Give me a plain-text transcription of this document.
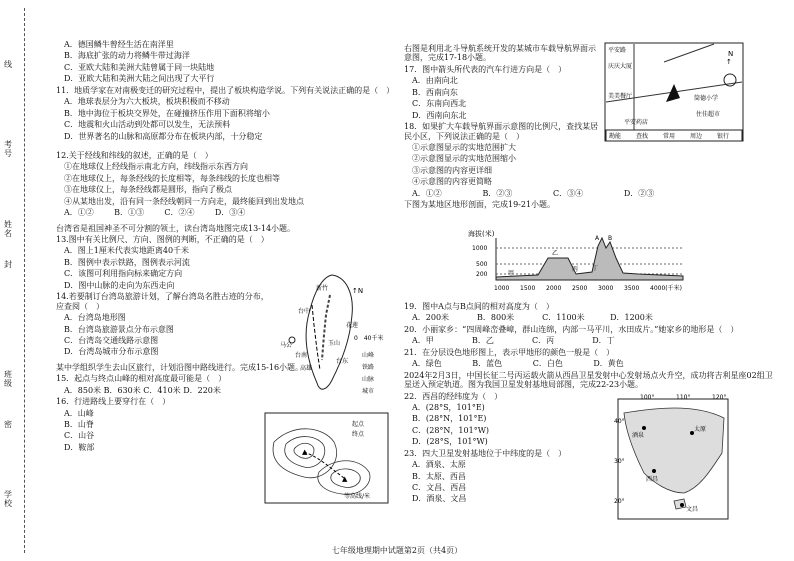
线
考号
姓名
封
班级
密
学校

A．德国鳞牛曾经生活在南洋里

B．海底扩张的动力将鳞牛带过海洋

C．亚欧大陆和美洲大陆曾属于同一块陆地

D．亚欧大陆和美洲大陆之间出现了大平行

11．地质学家在对南极变迁的研究过程中，提出了板块构造学说。下列有关说法正确的是（　）

A．地球表层分为六大板块，板块积极而不移动

B．地中海位于板块交界处，在碰撞挤压作用下面积将缩小

C．地震和火山活动到处都可以发生，无法预料

D．世界著名的山脉和高原都分布在板块内部，十分稳定

12.关于经线和纬线的叙述，正确的是（　）

①在地球仪上经线指示南北方向，纬线指示东西方向

②在地球仪上，每条经线的长度相等，每条纬线的长度也相等

③在地球仪上，每条经线都是圆形，指向了极点

④从某地出发，沿有同一条经线朝同一方向走，最终能回到出发地点

A．①②	B．①③	C．②④	D．③④

台湾省是祖国神圣不可分割的领土，读台湾岛地图完成13-14小题。

13.图中有关比例尺、方向、图例的判断，不正确的是（　）

A．图上1厘米代表实地距离40千米

B．图例中表示铁路，图例表示河流

C．该图可利用指向标来确定方向

D．图中山脉的走向为东西走向

14.若要制订台湾岛旅游计划，了解台湾岛名胜古迹的分布，应查阅（　）

A．台湾岛地形图

B．台湾岛旅游景点分布示意图

C．台湾岛交通线路示意图

D．台湾岛城市分布示意图

某中学组织学生去山区旅行，计划沿图中路线进行。完成15-16小题。

15．起点与终点山峰的相对高度最可能是（　）

A．850米 B．630米 C．410米 D．220米

16．行进路线上要穿行在（　）

A．山峰

B．山脊

C．山谷

D．鞍部

新竹
台中
马公
台南
高雄
花莲
台东
玉山
↑N
0　40千米
山峰
铁路
山脉
城市
▲
▲
起点
终点
等高线/米

右图是利用北斗导航系统开发的某城市车载导航界面示意图，完成17-18小题。

17．图中箭头所代表的汽车行进方向是（　）

A．由南向北

B．西南向东

C．东南向西北

D．西南向东北

18．如果扩大车载导航界面示意图的比例尺，查找某居民小区，下列说法正确的是（　）

①示意图显示的实地范围扩大

②示意图显示的实地范围缩小

③示意图的内容更详细

④示意图的内容更简略

A．①②	B．②③	C．③④	D．②③

下图为某地区地形剖面，完成19-21小题。

平安路
庆庆大厦
美美餐厅	筒德小学
住佳超市
平安药店
N
↑
勘能 查找 常用 周边 银行
海拔(米)
1000
500
200	甲
乙
丙 丁
A B
1000 1500 2000 2500 3000 3500 4000(千米)

19．图中A点与B点间的相对高度为（　）

A．200米	B．800米	C．1100米	D．1200米

20．小丽家乡：“四周峰峦叠嶂，群山连绵，内部一马平川，水田成片。”她家乡的地形是（　）

A．甲	B．乙	C．丙	D．丁

21．在分层设色地形图上，表示甲地形的颜色一般是（　）

A．绿色	B．蓝色	C．白色	D．黄色

2024年2月3日，中国长征二号丙运载火箭从西昌卫星发射中心发射场点火升空，成功将吉利星座02组卫星送入预定轨道。图为我国卫星发射基地局部图，完成22-23小题。

22．西昌的经纬度为（　）

A．(28°S，101°E)

B．(28°N，101°E)

C．(28°N，101°W)

D．(28°S，101°W)

23．四大卫星发射基地位于中纬度的是（　）

A．酒泉、太原

B．太原、西昌

C．文昌、西昌

D．酒泉、文昌

100°	110°	120°
40°
30°
20°
酒泉
太原
西昌
文昌
七年级地理期中试题第2页（共4页）
